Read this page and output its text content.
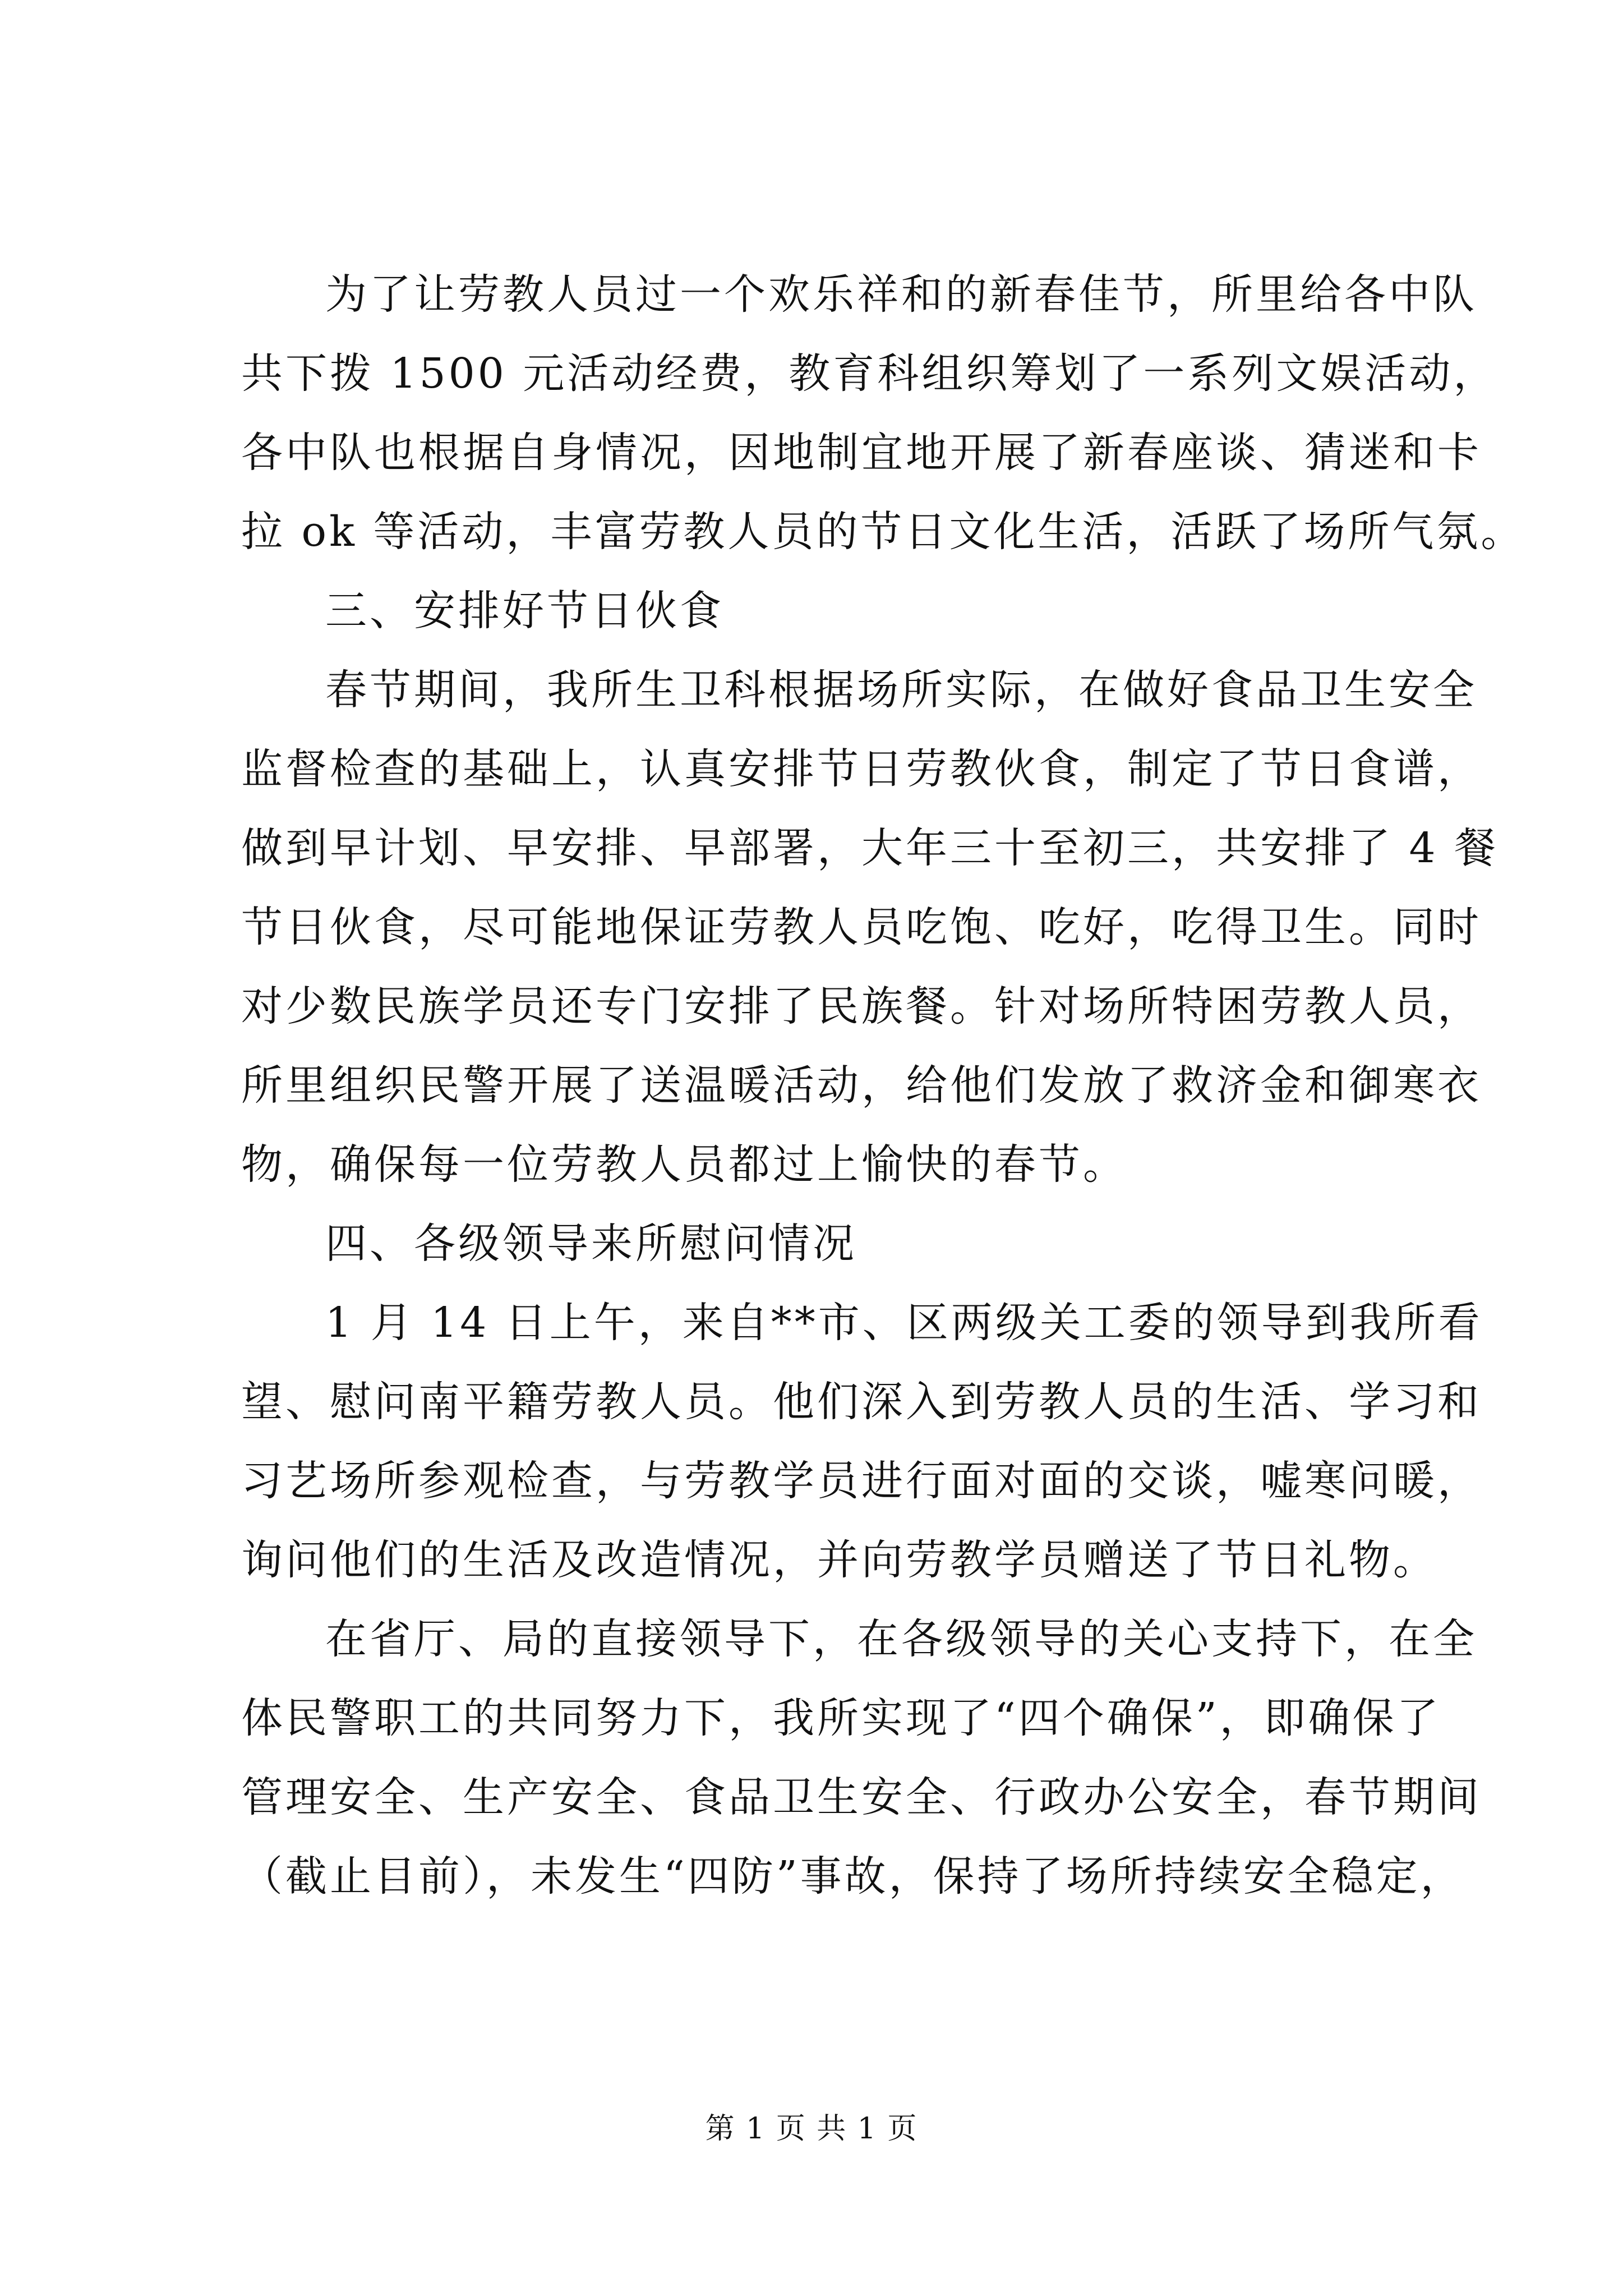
为了让劳教人员过一个欢乐祥和的新春佳节，所里给各中队
共下拨 1500 元活动经费，教育科组织筹划了一系列文娱活动，
各中队也根据自身情况，因地制宜地开展了新春座谈、猜迷和卡
拉 ok 等活动，丰富劳教人员的节日文化生活，活跃了场所气氛。
三、安排好节日伙食
春节期间，我所生卫科根据场所实际，在做好食品卫生安全
监督检查的基础上，认真安排节日劳教伙食，制定了节日食谱，
做到早计划、早安排、早部署，大年三十至初三，共安排了 4 餐
节日伙食，尽可能地保证劳教人员吃饱、吃好，吃得卫生。同时
对少数民族学员还专门安排了民族餐。针对场所特困劳教人员，
所里组织民警开展了送温暖活动，给他们发放了救济金和御寒衣
物，确保每一位劳教人员都过上愉快的春节。
四、各级领导来所慰问情况
1 月 14 日上午，来自**市、区两级关工委的领导到我所看
望、慰问南平籍劳教人员。他们深入到劳教人员的生活、学习和
习艺场所参观检查，与劳教学员进行面对面的交谈，嘘寒问暖，
询问他们的生活及改造情况，并向劳教学员赠送了节日礼物。
在省厅、局的直接领导下，在各级领导的关心支持下，在全
体民警职工的共同努力下，我所实现了“四个确保”，即确保了
管理安全、生产安全、食品卫生安全、行政办公安全，春节期间
（截止目前），未发生“四防”事故，保持了场所持续安全稳定，
第 1 页 共 1 页
